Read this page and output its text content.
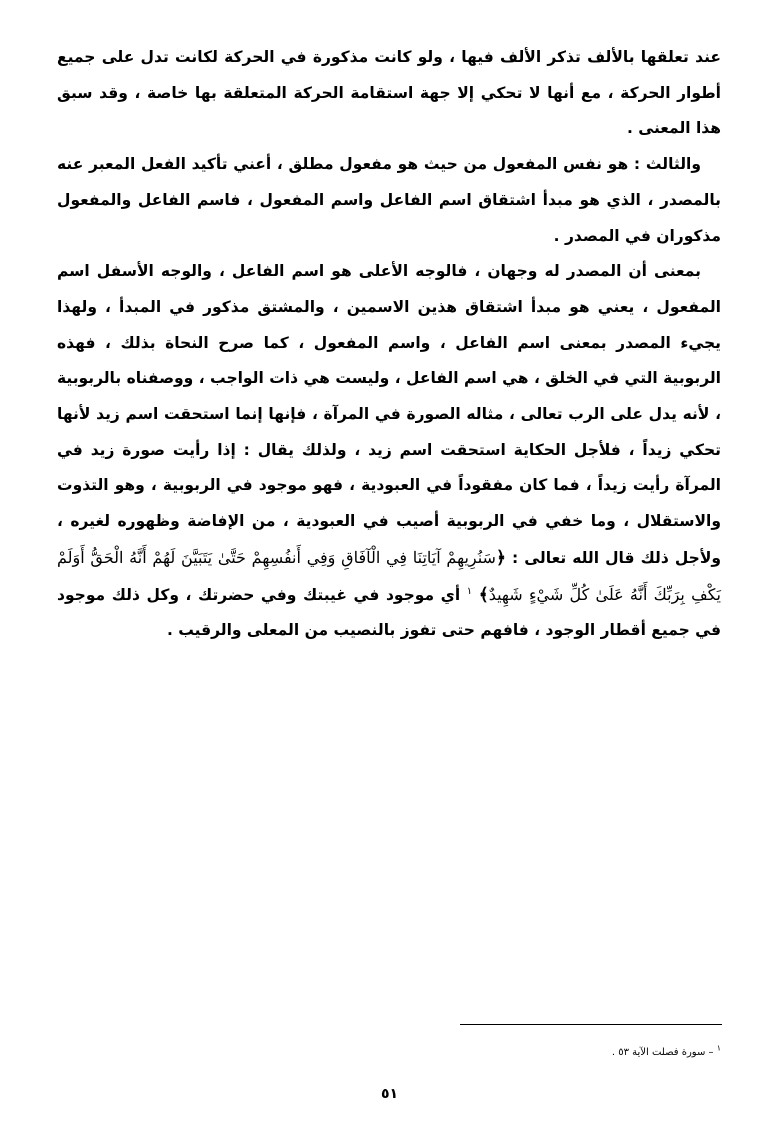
عند تعلقها بالألف تذكر الألف فيها ، ولو كانت مذكورة في الحركة لكانت تدل على جميع أطوار الحركة ، مع أنها لا تحكي إلا جهة استقامة الحركة المتعلقة بها خاصة ، وقد سبق هذا المعنى .

والثالث : هو نفس المفعول من حيث هو مفعول مطلق ، أعني تأكيد الفعل المعبر عنه بالمصدر ، الذي هو مبدأ اشتقاق اسم الفاعل واسم المفعول ، فاسم الفاعل والمفعول مذكوران في المصدر .

بمعنى أن المصدر له وجهان ، فالوجه الأعلى هو اسم الفاعل ، والوجه الأسفل اسم المفعول ، يعني هو مبدأ اشتقاق هذين الاسمين ، والمشتق مذكور في المبدأ ، ولهذا يجيء المصدر بمعنى اسم الفاعل ، واسم المفعول ، كما صرح النحاة بذلك ، فهذه الربوبية التي في الخلق ، هي اسم الفاعل ، وليست هي ذات الواجب ، ووصفناه بالربوبية ، لأنه يدل على الرب تعالى ، مثاله الصورة في المرآة ، فإنها إنما استحقت اسم زيد لأنها تحكي زيداً ، فلأجل الحكاية استحقت اسم زيد ، ولذلك يقال : إذا رأيت صورة زيد في المرآة رأيت زيداً ، فما كان مفقوداً في العبودية ، فهو موجود في الربوبية ، وهو التذوت والاستقلال ، وما خفي في الربوبية أصيب في العبودية ، من الإفاضة وظهوره لغيره ، ولأجل ذلك قال الله تعالى : ﴿سَنُرِيهِمْ آيَاتِنَا فِي الْآفَاقِ وَفِي أَنفُسِهِمْ حَتَّىٰ يَتَبَيَّنَ لَهُمْ أَنَّهُ الْحَقُّ أَوَلَمْ يَكْفِ بِرَبِّكَ أَنَّهُ عَلَىٰ كُلِّ شَيْءٍ شَهِيدٌ﴾ $^١$ أي موجود في غيبتك وفي حضرتك ، وكل ذلك موجود في جميع أقطار الوجود ، فافهم حتى تفوز بالنصيب من المعلى والرقيب .

$^١$ – سورة فصلت الآية ٥٣ .
٥١
